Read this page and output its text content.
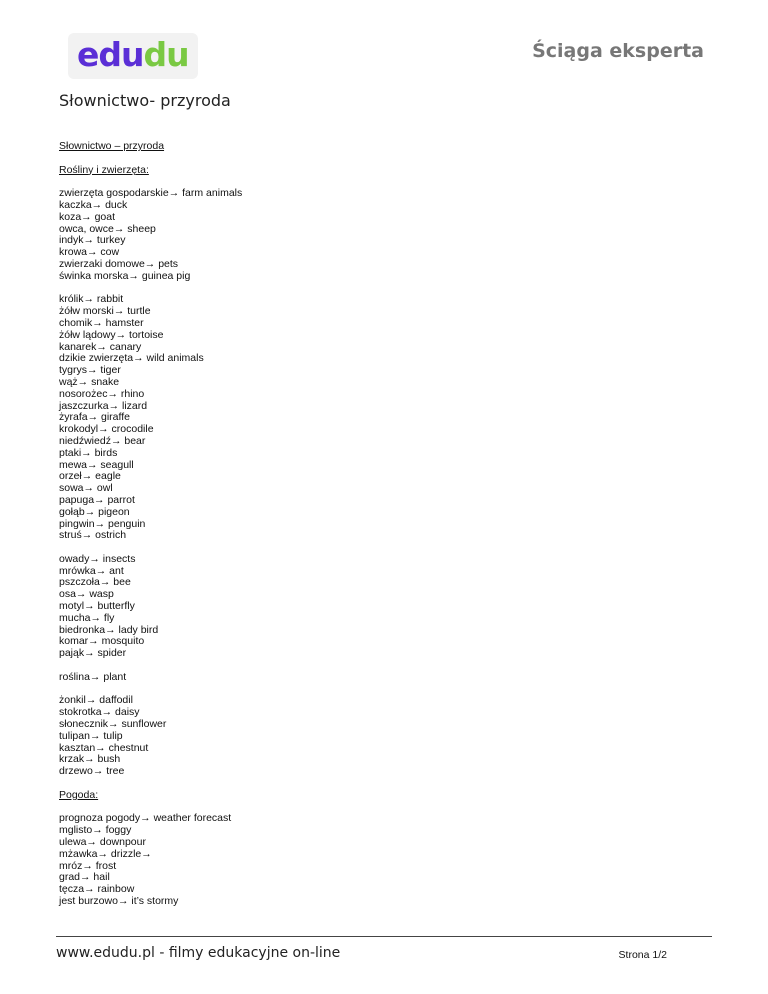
edudu	Ściąga eksperta
Słownictwo- przyroda
Słownictwo – przyroda
Rośliny i zwierzęta:
zwierzęta gospodarskie→ farm animals
kaczka→ duck
koza→ goat
owca, owce→ sheep
indyk→ turkey
krowa→ cow
zwierzaki domowe→ pets
świnka morska→ guinea pig
królik→ rabbit
żółw morski→ turtle
chomik→ hamster
żółw lądowy→ tortoise
kanarek→ canary
dzikie zwierzęta→ wild animals
tygrys→ tiger
wąż→ snake
nosorożec→ rhino
jaszczurka→ lizard
żyrafa→ giraffe
krokodyl→ crocodile
niedźwiedź→ bear
ptaki→ birds
mewa→ seagull
orzeł→ eagle
sowa→ owl
papuga→ parrot
gołąb→ pigeon
pingwin→ penguin
struś→ ostrich
owady→ insects
mrówka→ ant
pszczoła→ bee
osa→ wasp
motyl→ butterfly
mucha→ fly
biedronka→ lady bird
komar→ mosquito
pająk→ spider
roślina→ plant
żonkil→ daffodil
stokrotka→ daisy
słonecznik→ sunflower
tulipan→ tulip
kasztan→ chestnut
krzak→ bush
drzewo→ tree
Pogoda:
prognoza pogody→ weather forecast
mglisto→ foggy
ulewa→ downpour
mżawka→ drizzle→
mróz→ frost
grad→ hail
tęcza→ rainbow
jest burzowo→ it’s stormy
www.edudu.pl - filmy edukacyjne on-line	Strona 1/2
